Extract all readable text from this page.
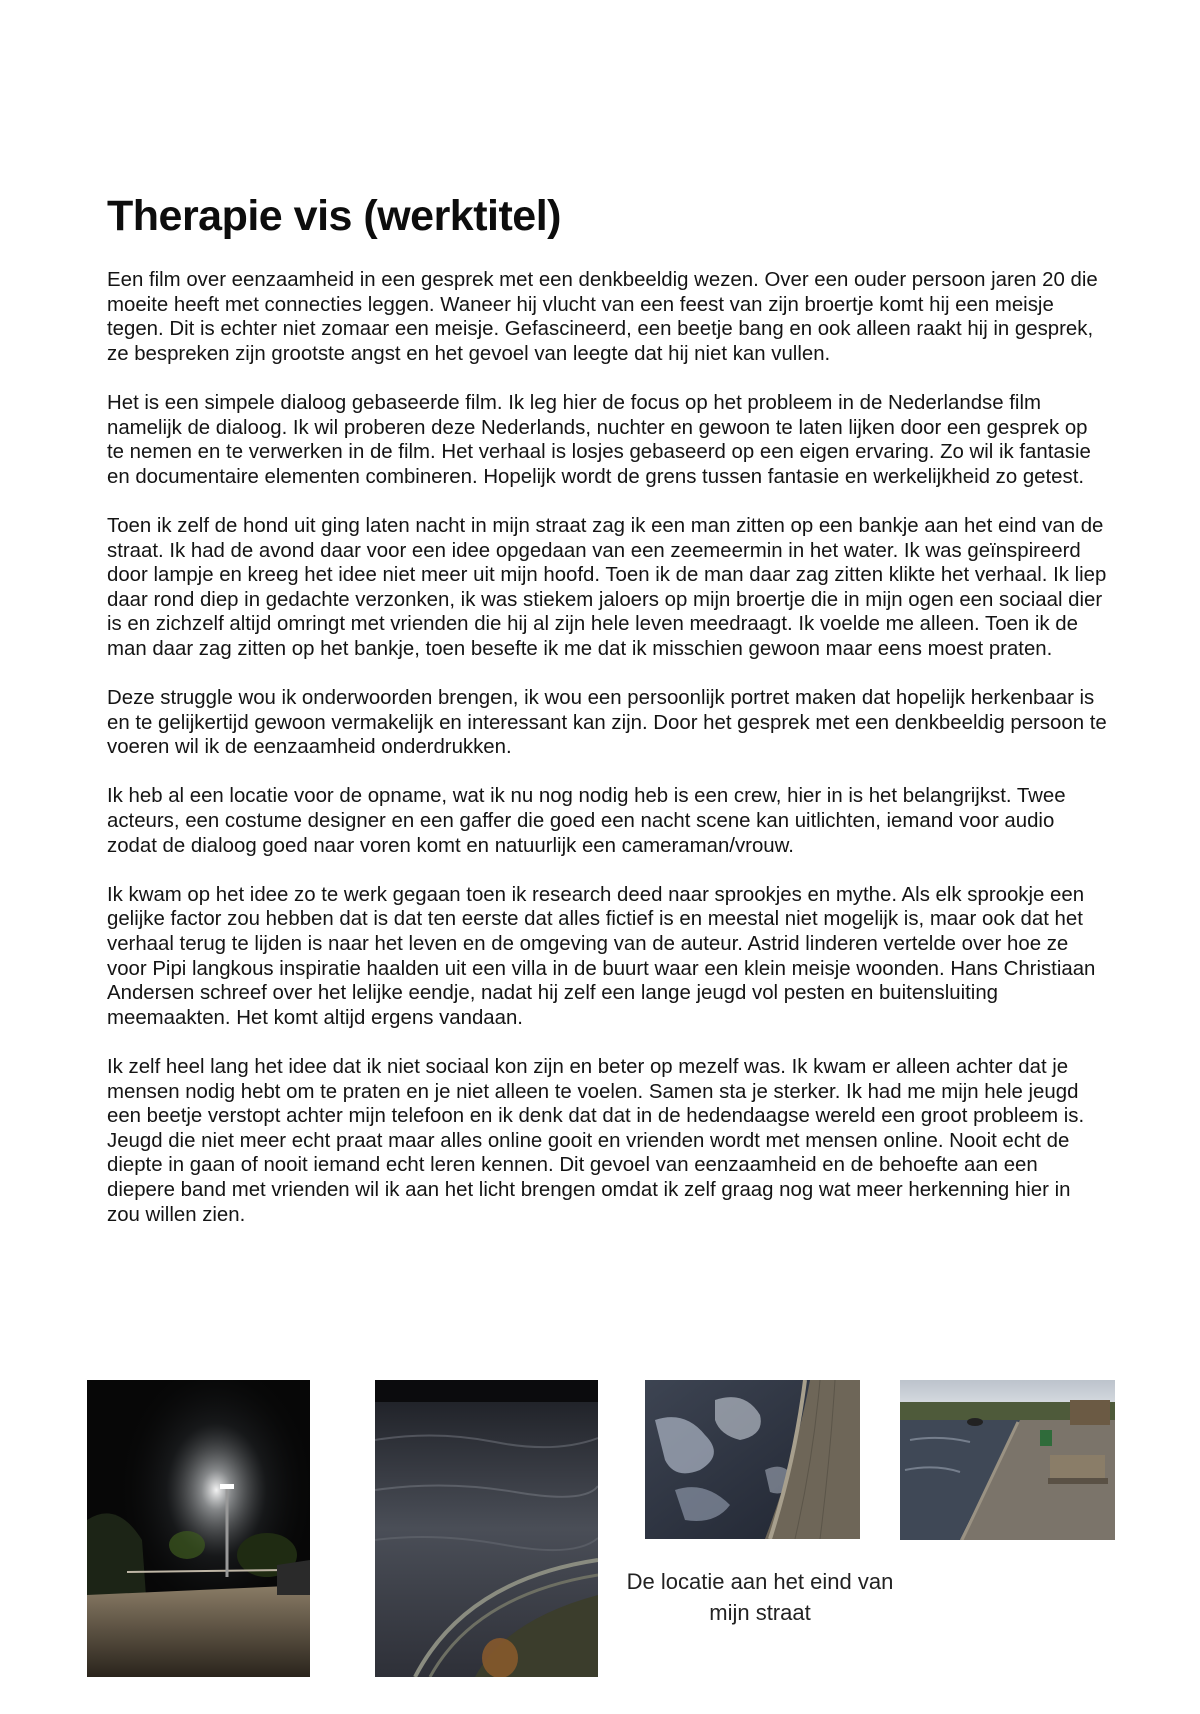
Therapie vis (werktitel)

Een film over eenzaamheid in een gesprek met een denkbeeldig wezen. Over een ouder persoon jaren 20 die moeite heeft met connecties leggen. Waneer hij vlucht van een feest van zijn broertje komt hij een meisje tegen. Dit is echter niet zomaar een meisje. Gefascineerd, een beetje bang en ook alleen raakt hij in gesprek, ze bespreken zijn grootste angst en het gevoel van leegte dat hij niet kan vullen.

Het is een simpele dialoog gebaseerde film. Ik leg hier de focus op het probleem in de Nederlandse film namelijk de dialoog. Ik wil proberen deze Nederlands, nuchter en gewoon te laten lijken door een gesprek op te nemen en te verwerken in de film. Het verhaal is losjes gebaseerd op een eigen ervaring. Zo wil ik fantasie en documentaire elementen combineren. Hopelijk wordt de grens tussen fantasie en werkelijkheid zo getest.

Toen ik zelf de hond uit ging laten nacht in mijn straat zag ik een man zitten op een bankje aan het eind van de straat. Ik had de avond daar voor een idee opgedaan van een zeemeermin in het water. Ik was geïnspireerd door lampje en kreeg het idee niet meer uit mijn hoofd. Toen ik de man daar zag zitten klikte het verhaal. Ik liep daar rond diep in gedachte verzonken, ik was stiekem jaloers op mijn broertje die in mijn ogen een sociaal dier is en zichzelf altijd omringt met vrienden die hij al zijn hele leven meedraagt. Ik voelde me alleen. Toen ik de man daar zag zitten op het bankje, toen besefte ik me dat ik misschien gewoon maar eens moest praten.

Deze struggle wou ik onderwoorden brengen, ik wou een persoonlijk portret maken dat hopelijk herkenbaar is en te gelijkertijd gewoon vermakelijk en interessant kan zijn. Door het gesprek met een denkbeeldig persoon te voeren wil ik de eenzaamheid onderdrukken.

Ik heb al een locatie voor de opname, wat ik nu nog nodig heb is een crew, hier in is het belangrijkst. Twee acteurs, een costume designer en een gaffer die goed een nacht scene kan uitlichten, iemand voor audio zodat de dialoog goed naar voren komt en natuurlijk een cameraman/vrouw.

Ik kwam op het idee zo te werk gegaan toen ik research deed naar sprookjes en mythe. Als elk sprookje een gelijke factor zou hebben dat is dat ten eerste dat alles fictief is en meestal niet mogelijk is, maar ook dat het verhaal terug te lijden is naar het leven en de omgeving van de auteur. Astrid linderen vertelde over hoe ze voor Pipi langkous inspiratie haalden uit een villa in de buurt waar een klein meisje woonden. Hans Christiaan Andersen schreef over het lelijke eendje, nadat hij zelf een lange jeugd vol pesten en buitensluiting meemaakten. Het komt altijd ergens vandaan.

Ik zelf heel lang het idee dat ik niet sociaal kon zijn en beter op mezelf was. Ik kwam er alleen achter dat je mensen nodig hebt om te praten en je niet alleen te voelen. Samen sta je sterker. Ik had me mijn hele jeugd een beetje verstopt achter mijn telefoon en ik denk dat dat in de hedendaagse wereld een groot probleem is. Jeugd die niet meer echt praat maar alles online gooit en vrienden wordt met mensen online. Nooit echt de diepte in gaan of nooit iemand echt leren kennen. Dit gevoel van eenzaamheid en de behoefte aan een diepere band met vrienden wil ik aan het licht brengen omdat ik zelf graag nog wat meer herkenning hier in zou willen zien.

De locatie aan het eind van mijn straat
